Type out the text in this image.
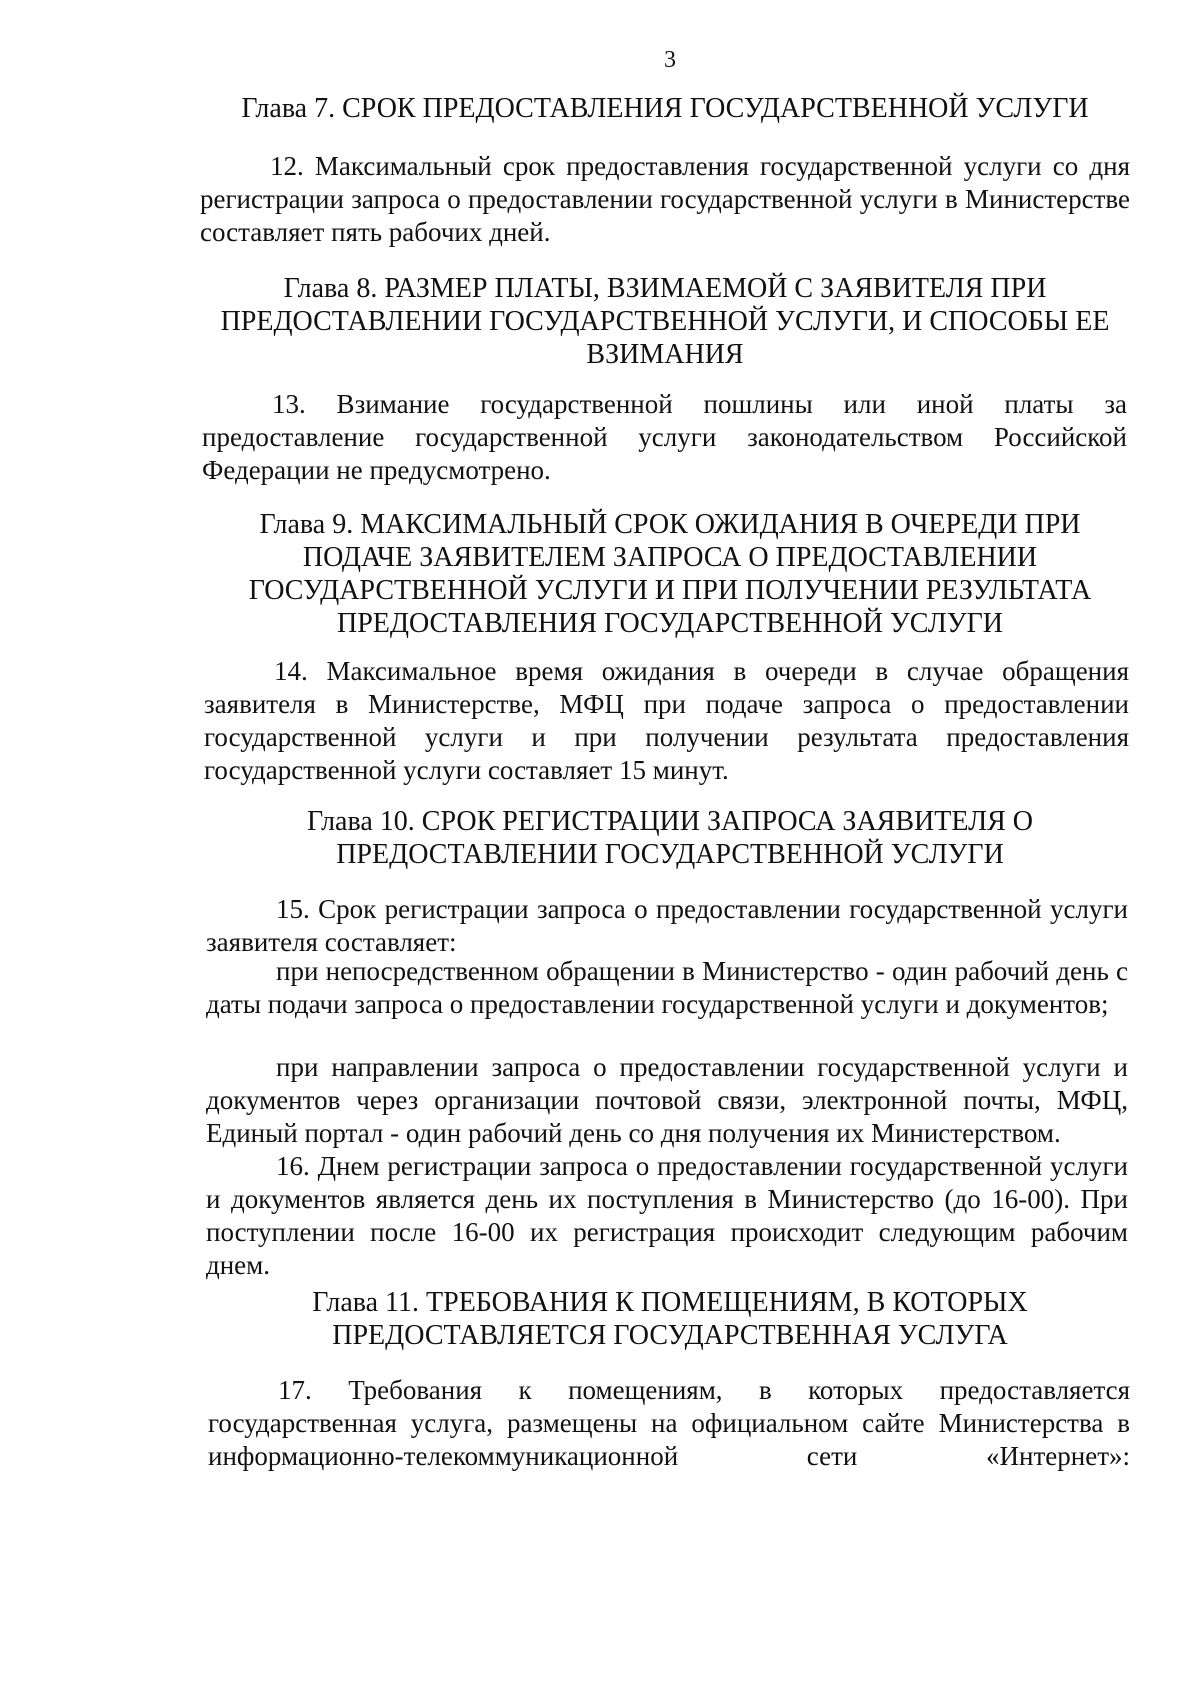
3
Глава 7. СРОК ПРЕДОСТАВЛЕНИЯ ГОСУДАРСТВЕННОЙ УСЛУГИ
12. Максимальный срок предоставления государственной услуги со дня регистрации запроса о предоставлении государственной услуги в Министерстве составляет пять рабочих дней.
Глава 8. РАЗМЕР ПЛАТЫ, ВЗИМАЕМОЙ С ЗАЯВИТЕЛЯ ПРИ
ПРЕДОСТАВЛЕНИИ ГОСУДАРСТВЕННОЙ УСЛУГИ, И СПОСОБЫ ЕЕ
ВЗИМАНИЯ
13. Взимание государственной пошлины или иной платы за предоставление государственной услуги законодательством Российской Федерации не предусмотрено.
Глава 9. МАКСИМАЛЬНЫЙ СРОК ОЖИДАНИЯ В ОЧЕРЕДИ ПРИ
ПОДАЧЕ ЗАЯВИТЕЛЕМ ЗАПРОСА О ПРЕДОСТАВЛЕНИИ
ГОСУДАРСТВЕННОЙ УСЛУГИ И ПРИ ПОЛУЧЕНИИ РЕЗУЛЬТАТА
ПРЕДОСТАВЛЕНИЯ ГОСУДАРСТВЕННОЙ УСЛУГИ
14. Максимальное время ожидания в очереди в случае обращения заявителя в Министерстве, МФЦ при подаче запроса о предоставлении государственной услуги и при получении результата предоставления государственной услуги составляет 15 минут.
Глава 10. СРОК РЕГИСТРАЦИИ ЗАПРОСА ЗАЯВИТЕЛЯ О
ПРЕДОСТАВЛЕНИИ ГОСУДАРСТВЕННОЙ УСЛУГИ
15. Срок регистрации запроса о предоставлении государственной услуги заявителя составляет:
при непосредственном обращении в Министерство - один рабочий день с даты подачи запроса о предоставлении государственной услуги и документов;
при направлении запроса о предоставлении государственной услуги и документов через организации почтовой связи, электронной почты, МФЦ, Единый портал - один рабочий день со дня получения их Министерством.
16. Днем регистрации запроса о предоставлении государственной услуги и документов является день их поступления в Министерство (до 16-00). При поступлении после 16-00 их регистрация происходит следующим рабочим днем.
Глава 11. ТРЕБОВАНИЯ К ПОМЕЩЕНИЯМ, В КОТОРЫХ
ПРЕДОСТАВЛЯЕТСЯ ГОСУДАРСТВЕННАЯ УСЛУГА
17. Требования к помещениям, в которых предоставляется государственная услуга, размещены на официальном сайте Министерства в информационно-телекоммуникационной сети «Интернет»:
